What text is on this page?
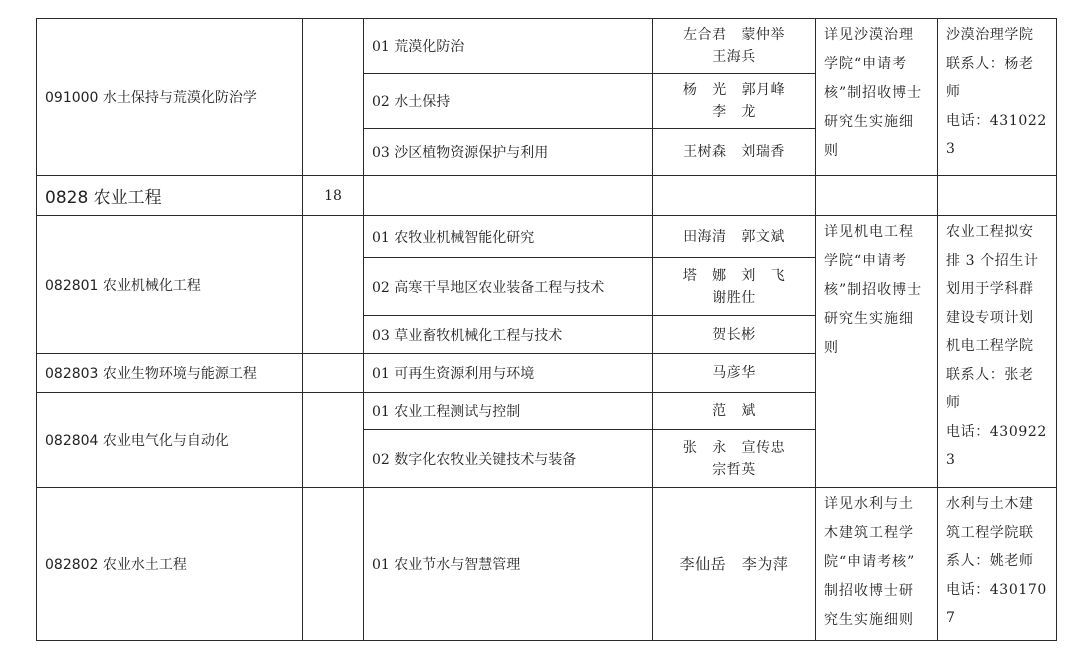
091000 水土保持与荒漠化防治学
0828 农业工程	18
082801 农业机械化工程
082803 农业生物环境与能源工程
082804 农业电气化与自动化
082802 农业水土工程
01 荒漠化防治
02 水土保持
03 沙区植物资源保护与利用
01 农牧业机械智能化研究
02 高寒干旱地区农业装备工程与技术
03 草业畜牧机械化工程与技术
01 可再生资源利用与环境
01 农业工程测试与控制
02 数字化农牧业关键技术与装备
01 农业节水与智慧管理
左合君   蒙仲举
王海兵
杨   光   郭月峰
李   龙
王树森   刘瑞香
田海清   郭文斌
塔   娜   刘   飞
谢胜仕
贺长彬
马彦华
范   斌
张   永   宣传忠
宗哲英
李仙岳   李为萍
详见沙漠治理
学院“申请考
核”制招收博士
研究生实施细
则
详见机电工程
学院“申请考
核”制招收博士
研究生实施细
则
详见水利与土
木建筑工程学
院“申请考核”
制招收博士研
究生实施细则
沙漠治理学院
联系人：杨老师
电话：4310223
农业工程拟安
排 3 个招生计
划用于学科群
建设专项计划
机电工程学院
联系人：张老师
电话：4309223
水利与土木建
筑工程学院联
系人：姚老师
电话：4301707
